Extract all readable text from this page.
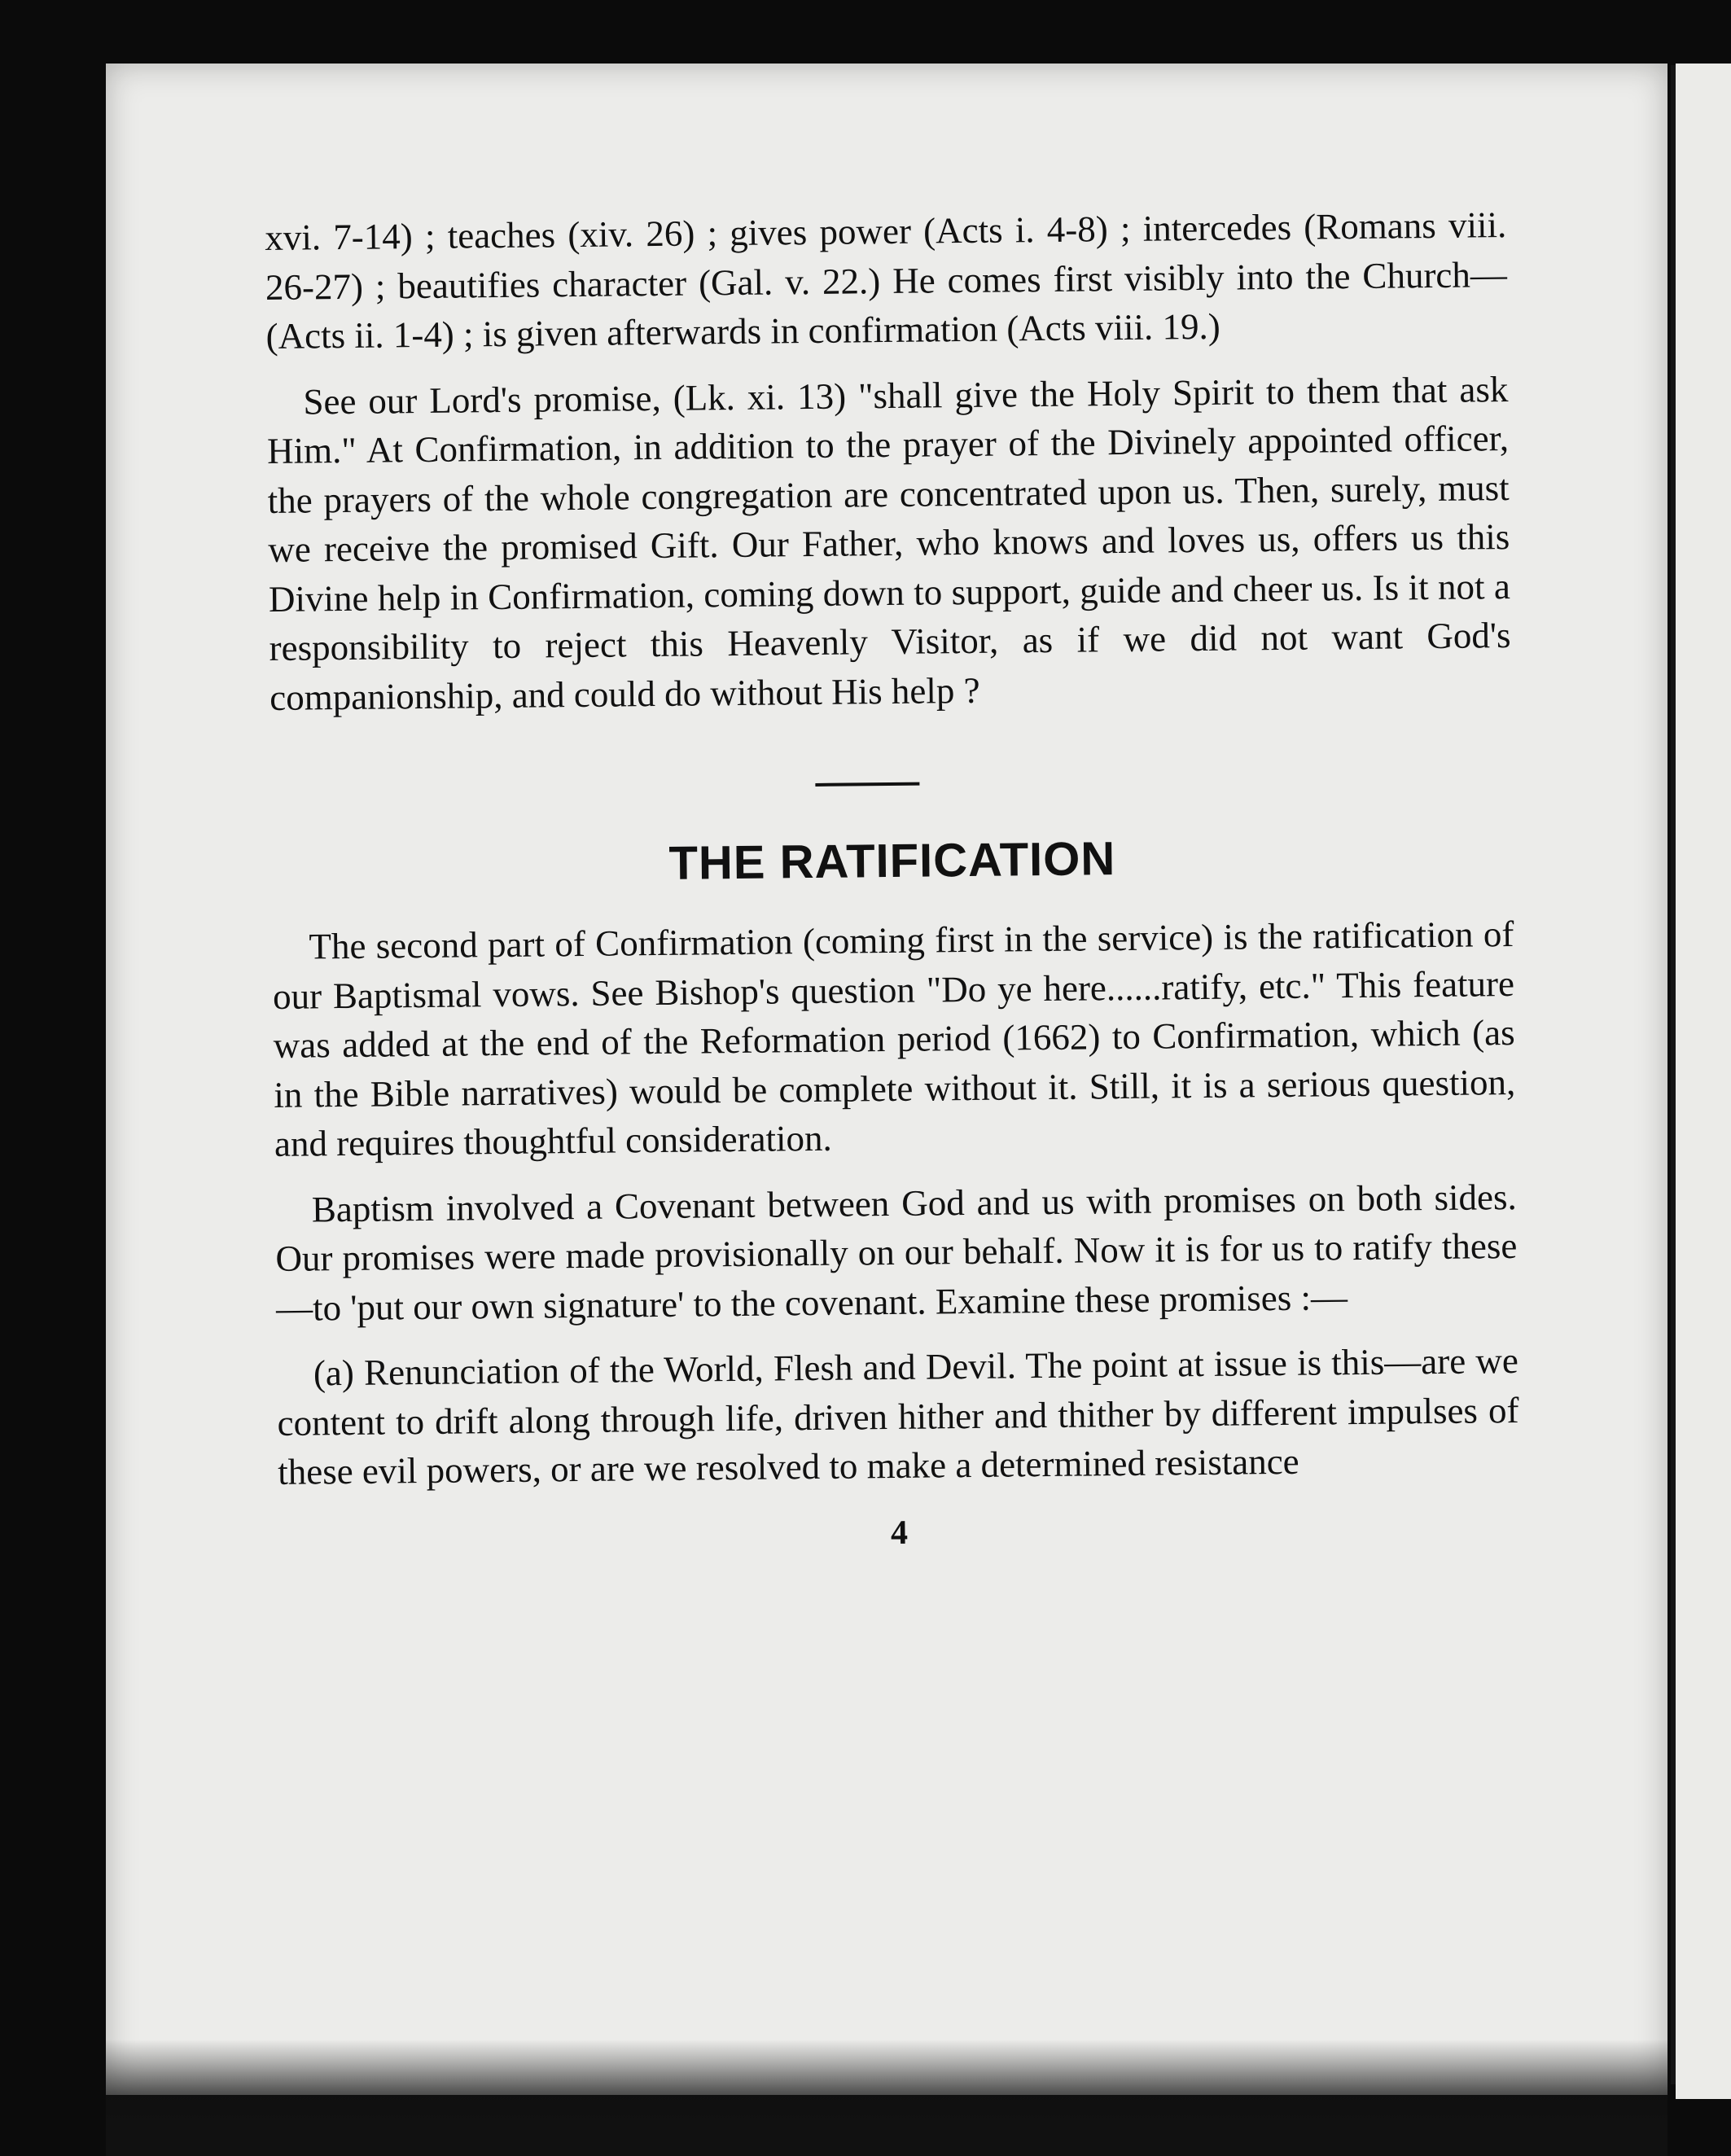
xvi. 7-14) ; teaches (xiv. 26) ; gives power (Acts i. 4-8) ; intercedes (Romans viii. 26-27) ; beautifies character (Gal. v. 22.) He comes first visibly into the Church—(Acts ii. 1-4) ; is given afterwards in confirmation (Acts viii. 19.)

See our Lord's promise, (Lk. xi. 13) "shall give the Holy Spirit to them that ask Him." At Confirmation, in addition to the prayer of the Divinely appointed officer, the prayers of the whole congregation are concentrated upon us. Then, surely, must we receive the promised Gift. Our Father, who knows and loves us, offers us this Divine help in Confirmation, coming down to support, guide and cheer us. Is it not a responsibility to reject this Heavenly Visitor, as if we did not want God's companionship, and could do without His help ?

THE RATIFICATION

The second part of Confirmation (coming first in the service) is the ratification of our Baptismal vows. See Bishop's question "Do ye here......ratify, etc." This feature was added at the end of the Reformation period (1662) to Confirmation, which (as in the Bible narratives) would be complete without it. Still, it is a serious question, and requires thoughtful consideration.

Baptism involved a Covenant between God and us with promises on both sides. Our promises were made provisionally on our behalf. Now it is for us to ratify these—to 'put our own signature' to the covenant. Examine these promises :—

(a) Renunciation of the World, Flesh and Devil. The point at issue is this—are we content to drift along through life, driven hither and thither by different impulses of these evil powers, or are we resolved to make a determined resistance

4
